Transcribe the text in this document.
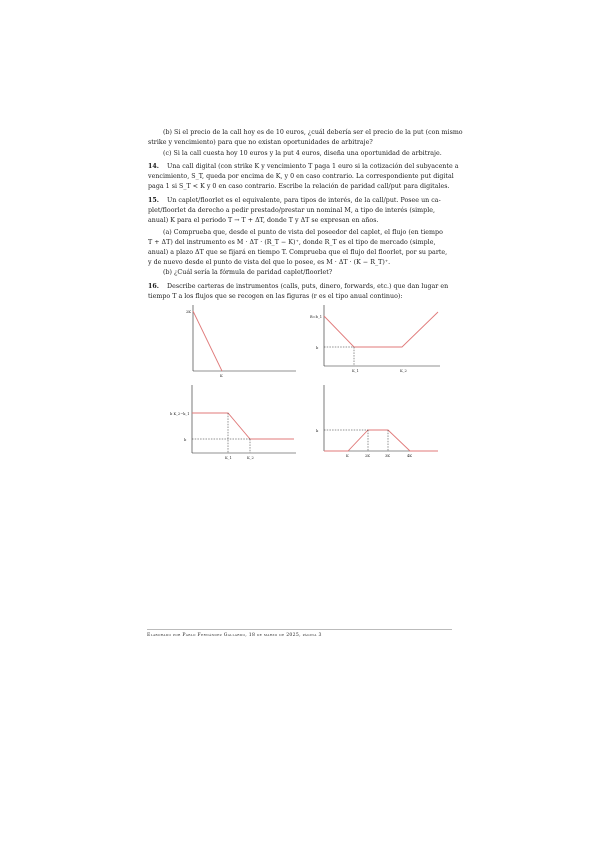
(b) Si el precio de la call hoy es de 10 euros, ¿cuál debería ser el precio de la put (con mismo
strike y vencimiento) para que no existan oportunidades de arbitraje?
(c) Si la call cuesta hoy 10 euros y la put 4 euros, diseña una oportunidad de arbitraje.
14. Una call digital (con strike K y vencimiento T paga 1 euro si la cotización del subyacente a
vencimiento, S_T, queda por encima de K, y 0 en caso contrario. La correspondiente put digital
paga 1 si S_T < K y 0 en caso contrario. Escribe la relación de paridad call/put para digitales.
15. Un caplet/floorlet es el equivalente, para tipos de interés, de la call/put. Posee un ca-
plet/floorlet da derecho a pedir prestado/prestar un nominal M, a tipo de interés (simple,
anual) K para el periodo T → T + ΔT, donde T y ΔT se expresan en años.
(a) Comprueba que, desde el punto de vista del poseedor del caplet, el flujo (en tiempo
T + ΔT) del instrumento es M · ΔT · (R_T − K)⁺, donde R_T es el tipo de mercado (simple,
anual) a plazo ΔT que se fijará en tiempo T. Comprueba que el flujo del floorlet, por su parte,
y de nuevo desde el punto de vista del que lo posee, es M · ΔT · (K − R_T)⁺.
(b) ¿Cuál sería la fórmula de paridad caplet/floorlet?
16. Describe carteras de instrumentos (calls, puts, dinero, forwards, etc.) que dan lugar en
tiempo T a los flujos que se recogen en las figuras (r es el tipo anual continuo):
2K
K
B=b_1
b
K_1	K_2
b K_2−k_1
b
K_1	K_2
k
K	2K	3K	4K
Elaborado por Pablo Fernández Gallardo, 18 de marzo de 2025, página 3
